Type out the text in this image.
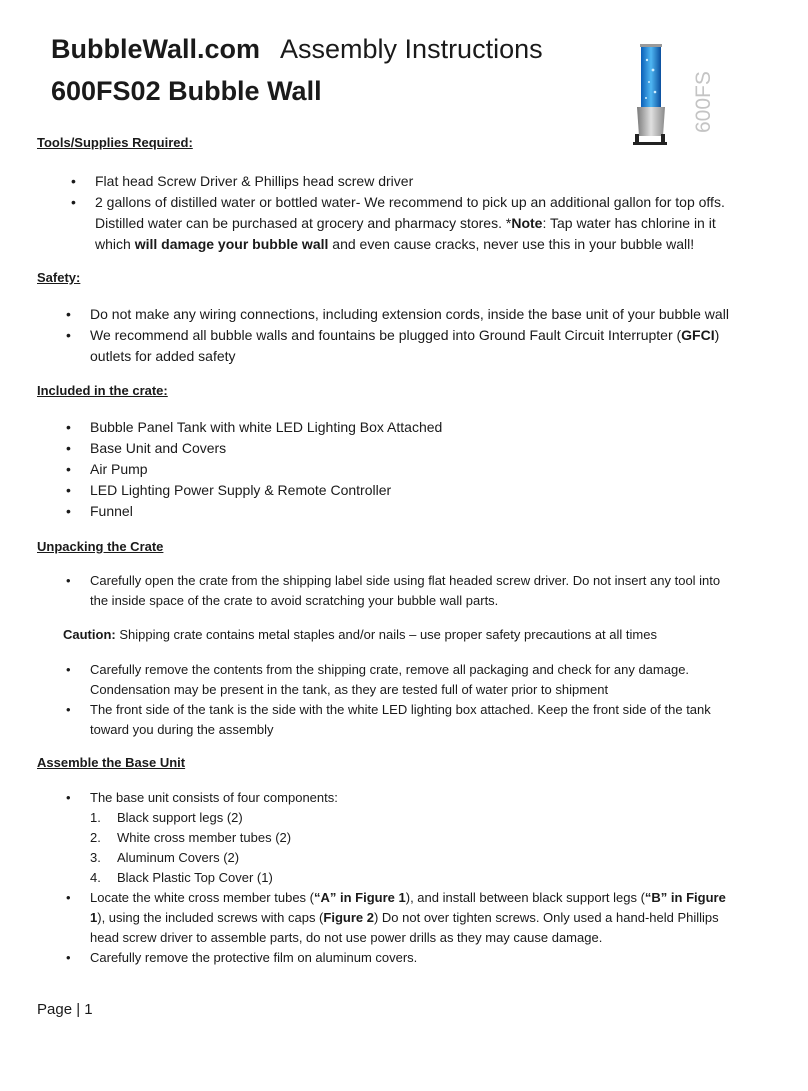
BubbleWall.com Assembly Instructions
600FS02 Bubble Wall	600FS
Tools/Supplies Required:
• Flat head Screw Driver & Phillips head screw driver
• 2 gallons of distilled water or bottled water- We recommend to pick up an additional gallon for top offs. Distilled water can be purchased at grocery and pharmacy stores. *Note: Tap water has chlorine in it which will damage your bubble wall and even cause cracks, never use this in your bubble wall!
Safety:
• Do not make any wiring connections, including extension cords, inside the base unit of your bubble wall
• We recommend all bubble walls and fountains be plugged into Ground Fault Circuit Interrupter (GFCI) outlets for added safety
Included in the crate:
• Bubble Panel Tank with white LED Lighting Box Attached
• Base Unit and Covers
• Air Pump
• LED Lighting Power Supply & Remote Controller
• Funnel
Unpacking the Crate
• Carefully open the crate from the shipping label side using flat headed screw driver. Do not insert any tool into the inside space of the crate to avoid scratching your bubble wall parts.
Caution: Shipping crate contains metal staples and/or nails – use proper safety precautions at all times
• Carefully remove the contents from the shipping crate, remove all packaging and check for any damage. Condensation may be present in the tank, as they are tested full of water prior to shipment
• The front side of the tank is the side with the white LED lighting box attached. Keep the front side of the tank toward you during the assembly
Assemble the Base Unit
• The base unit consists of four components:
1. Black support legs (2)
2. White cross member tubes (2)
3. Aluminum Covers (2)
4. Black Plastic Top Cover (1)
• Locate the white cross member tubes (“A” in Figure 1), and install between black support legs (“B” in Figure 1), using the included screws with caps (Figure 2) Do not over tighten screws. Only used a hand-held Phillips head screw driver to assemble parts, do not use power drills as they may cause damage.
• Carefully remove the protective film on aluminum covers.
Page | 1
